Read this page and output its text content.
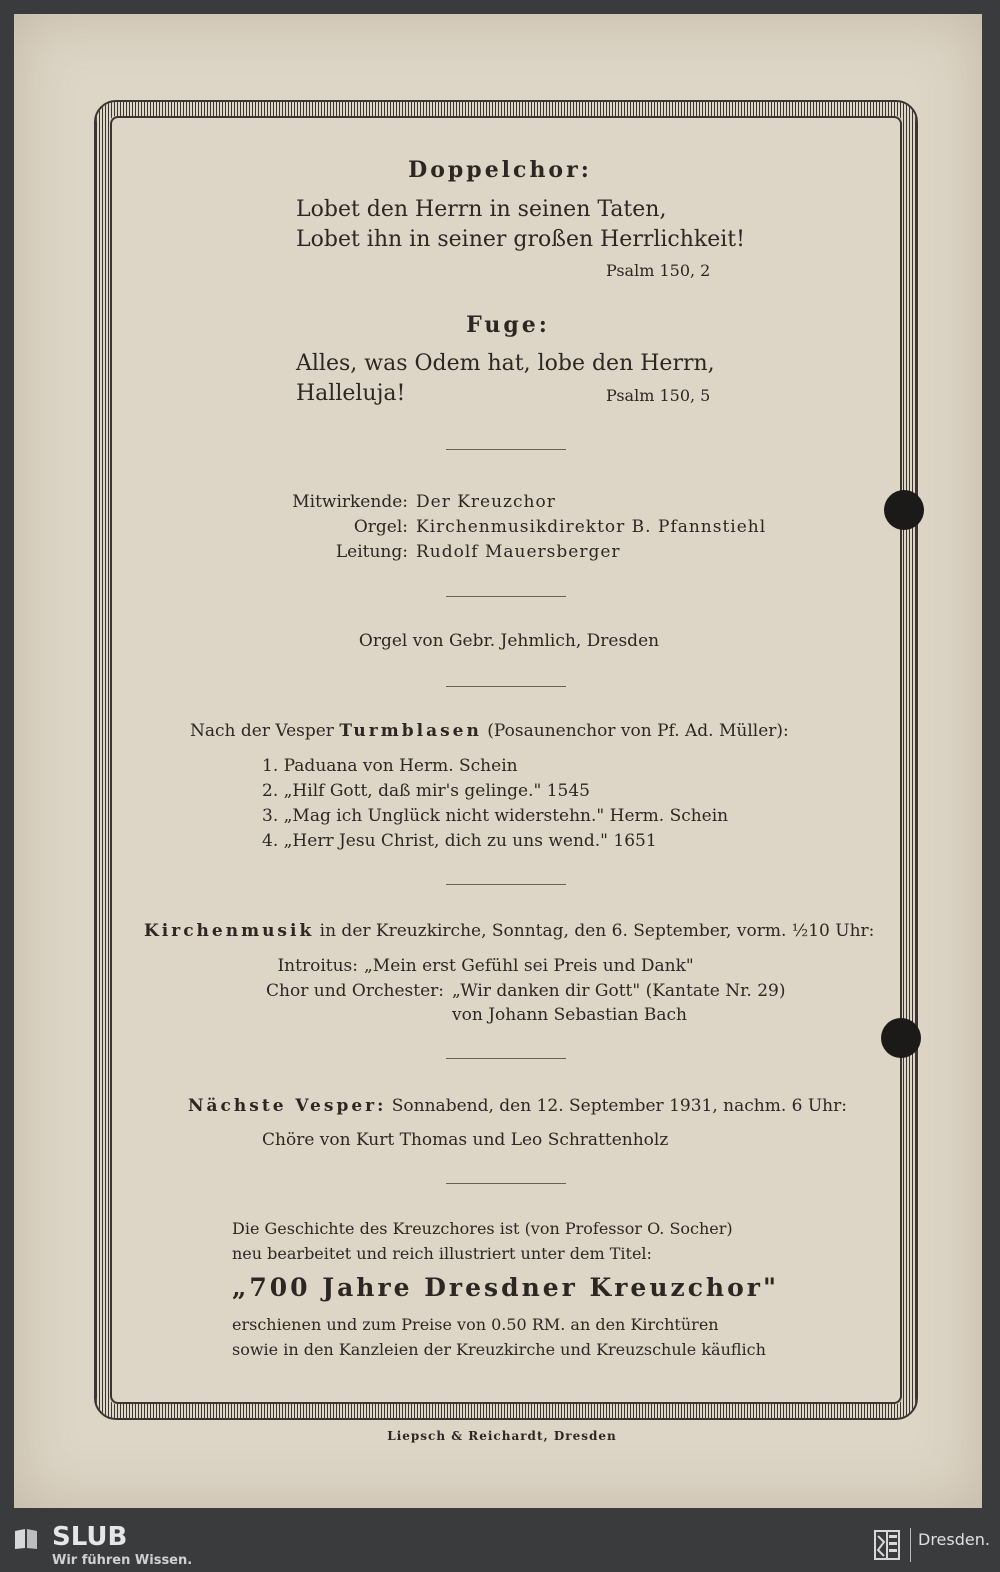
Doppelchor:

Lobet den Herrn in seinen Taten,

Lobet ihn in seiner großen Herrlichkeit!

Psalm 150, 2

Fuge:

Alles, was Odem hat, lobe den Herrn,

Halleluja!	Psalm 150, 5

Mitwirkende: Der Kreuzchor

Orgel: Kirchenmusikdirektor B. Pfannstiehl

Leitung: Rudolf Mauersberger

Orgel von Gebr. Jehmlich, Dresden

Nach der Vesper Turmblasen (Posaunenchor von Pf. Ad. Müller):

1. Paduana von Herm. Schein

2. „Hilf Gott, daß mir's gelinge." 1545

3. „Mag ich Unglück nicht widerstehn." Herm. Schein

4. „Herr Jesu Christ, dich zu uns wend." 1651

Kirchenmusik in der Kreuzkirche, Sonntag, den 6. September, vorm. ½10 Uhr:

Introitus: „Mein erst Gefühl sei Preis und Dank"

Chor und Orchester: „Wir danken dir Gott" (Kantate Nr. 29)

von Johann Sebastian Bach

Nächste Vesper: Sonnabend, den 12. September 1931, nachm. 6 Uhr:

Chöre von Kurt Thomas und Leo Schrattenholz

Die Geschichte des Kreuzchores ist (von Professor O. Socher)

neu bearbeitet und reich illustriert unter dem Titel:

„700 Jahre Dresdner Kreuzchor"

erschienen und zum Preise von 0.50 RM. an den Kirchtüren

sowie in den Kanzleien der Kreuzkirche und Kreuzschule käuflich

Liepsch & Reichardt, Dresden

SLUB
Wir führen Wissen.
Dresden.
